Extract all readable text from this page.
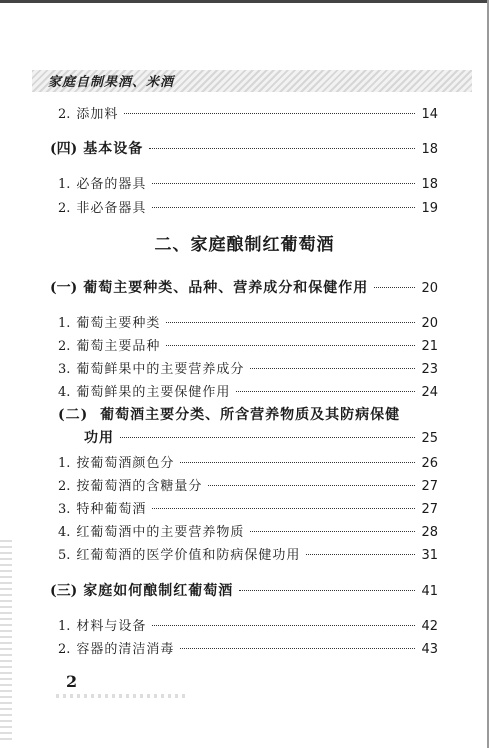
家庭自制果酒、米酒
2. 添加料	14
(四) 基本设备	18
1. 必备的器具	18
2. 非必备器具	19
二、家庭酿制红葡萄酒
(一) 葡萄主要种类、品种、营养成分和保健作用	20
1. 葡萄主要种类	20
2. 葡萄主要品种	21
3. 葡萄鲜果中的主要营养成分	23
4. 葡萄鲜果的主要保健作用	24
(二) 葡萄酒主要分类、所含营养物质及其防病保健
功用	25
1. 按葡萄酒颜色分	26
2. 按葡萄酒的含糖量分	27
3. 特种葡萄酒	27
4. 红葡萄酒中的主要营养物质	28
5. 红葡萄酒的医学价值和防病保健功用	31
(三) 家庭如何酿制红葡萄酒	41
1. 材料与设备	42
2. 容器的清洁消毒	43
2
